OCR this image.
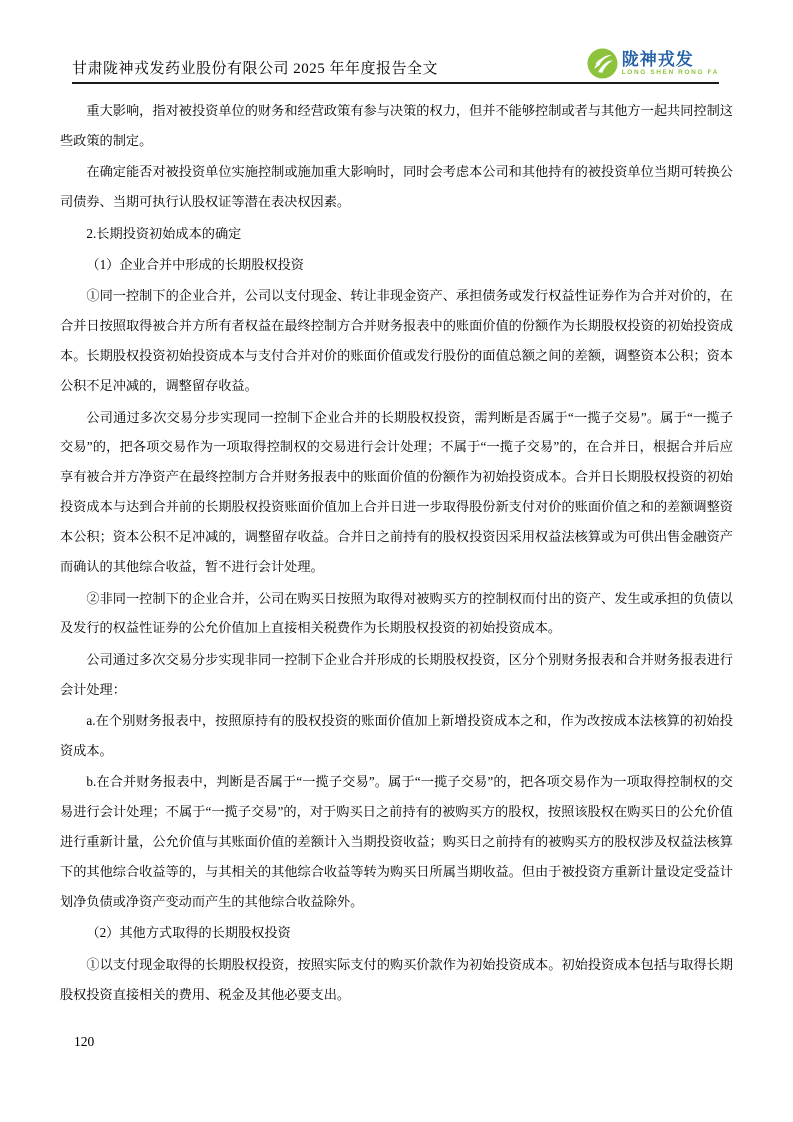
甘肃陇神戎发药业股份有限公司 2025 年年度报告全文
陇神戎发
LONG SHEN RONG FA

重大影响，指对被投资单位的财务和经营政策有参与决策的权力，但并不能够控制或者与其他方一起共同控制这些政策的制定。

在确定能否对被投资单位实施控制或施加重大影响时，同时会考虑本公司和其他持有的被投资单位当期可转换公司债券、当期可执行认股权证等潜在表决权因素。

2.长期投资初始成本的确定

（1）企业合并中形成的长期股权投资

①同一控制下的企业合并，公司以支付现金、转让非现金资产、承担债务或发行权益性证券作为合并对价的，在合并日按照取得被合并方所有者权益在最终控制方合并财务报表中的账面价值的份额作为长期股权投资的初始投资成本。长期股权投资初始投资成本与支付合并对价的账面价值或发行股份的面值总额之间的差额，调整资本公积；资本公积不足冲减的，调整留存收益。

公司通过多次交易分步实现同一控制下企业合并的长期股权投资，需判断是否属于“一揽子交易”。属于“一揽子交易”的，把各项交易作为一项取得控制权的交易进行会计处理；不属于“一揽子交易”的，在合并日，根据合并后应享有被合并方净资产在最终控制方合并财务报表中的账面价值的份额作为初始投资成本。合并日长期股权投资的初始投资成本与达到合并前的长期股权投资账面价值加上合并日进一步取得股份新支付对价的账面价值之和的差额调整资本公积；资本公积不足冲减的，调整留存收益。合并日之前持有的股权投资因采用权益法核算或为可供出售金融资产而确认的其他综合收益，暂不进行会计处理。

②非同一控制下的企业合并，公司在购买日按照为取得对被购买方的控制权而付出的资产、发生或承担的负债以及发行的权益性证券的公允价值加上直接相关税费作为长期股权投资的初始投资成本。

公司通过多次交易分步实现非同一控制下企业合并形成的长期股权投资，区分个别财务报表和合并财务报表进行会计处理：

a.在个别财务报表中，按照原持有的股权投资的账面价值加上新增投资成本之和，作为改按成本法核算的初始投资成本。

b.在合并财务报表中，判断是否属于“一揽子交易”。属于“一揽子交易”的，把各项交易作为一项取得控制权的交易进行会计处理；不属于“一揽子交易”的，对于购买日之前持有的被购买方的股权，按照该股权在购买日的公允价值进行重新计量，公允价值与其账面价值的差额计入当期投资收益；购买日之前持有的被购买方的股权涉及权益法核算下的其他综合收益等的，与其相关的其他综合收益等转为购买日所属当期收益。但由于被投资方重新计量设定受益计划净负债或净资产变动而产生的其他综合收益除外。

（2）其他方式取得的长期股权投资

①以支付现金取得的长期股权投资，按照实际支付的购买价款作为初始投资成本。初始投资成本包括与取得长期股权投资直接相关的费用、税金及其他必要支出。

120
